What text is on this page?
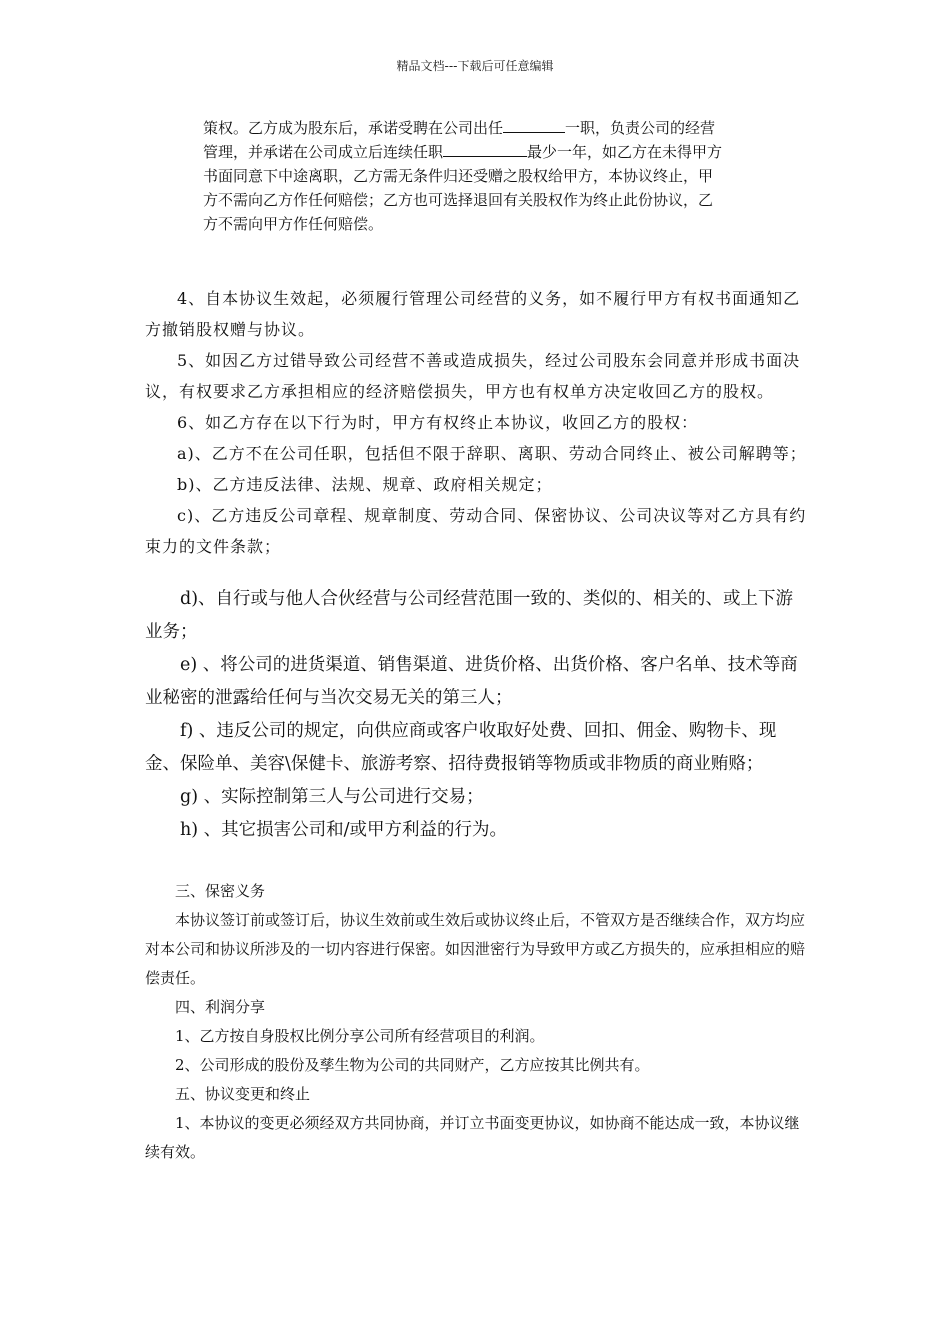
精品文档---下载后可任意编辑

策权。乙方成为股东后，承诺受聘在公司出任	一职，负责公司的经营

管理，并承诺在公司成立后连续任职	最少一年，如乙方在未得甲方

书面同意下中途离职，乙方需无条件归还受赠之股权给甲方，本协议终止，甲

方不需向乙方作任何赔偿；乙方也可选择退回有关股权作为终止此份协议，乙

方不需向甲方作任何赔偿。

4、自本协议生效起，必须履行管理公司经营的义务，如不履行甲方有权书面通知乙方撤销股权赠与协议。

5、如因乙方过错导致公司经营不善或造成损失，经过公司股东会同意并形成书面决议，有权要求乙方承担相应的经济赔偿损失，甲方也有权单方决定收回乙方的股权。

6、如乙方存在以下行为时，甲方有权终止本协议，收回乙方的股权：

a)、乙方不在公司任职，包括但不限于辞职、离职、劳动合同终止、被公司解聘等；

b)、乙方违反法律、法规、规章、政府相关规定；

c)、乙方违反公司章程、规章制度、劳动合同、保密协议、公司决议等对乙方具有约束力的文件条款；

d)、自行或与他人合伙经营与公司经营范围一致的、类似的、相关的、或上下游业务；

e) 、将公司的进货渠道、销售渠道、进货价格、出货价格、客户名单、技术等商业秘密的泄露给任何与当次交易无关的第三人；

f) 、违反公司的规定，向供应商或客户收取好处费、回扣、佣金、购物卡、现金、保险单、美容\保健卡、旅游考察、招待费报销等物质或非物质的商业贿赂；

g) 、实际控制第三人与公司进行交易；

h) 、其它损害公司和/或甲方利益的行为。

三、保密义务

本协议签订前或签订后，协议生效前或生效后或协议终止后，不管双方是否继续合作，双方均应对本公司和协议所涉及的一切内容进行保密。如因泄密行为导致甲方或乙方损失的，应承担相应的赔偿责任。

四、利润分享

1、乙方按自身股权比例分享公司所有经营项目的利润。

2、公司形成的股份及孳生物为公司的共同财产，乙方应按其比例共有。

五、协议变更和终止

1、本协议的变更必须经双方共同协商，并订立书面变更协议，如协商不能达成一致，本协议继续有效。
